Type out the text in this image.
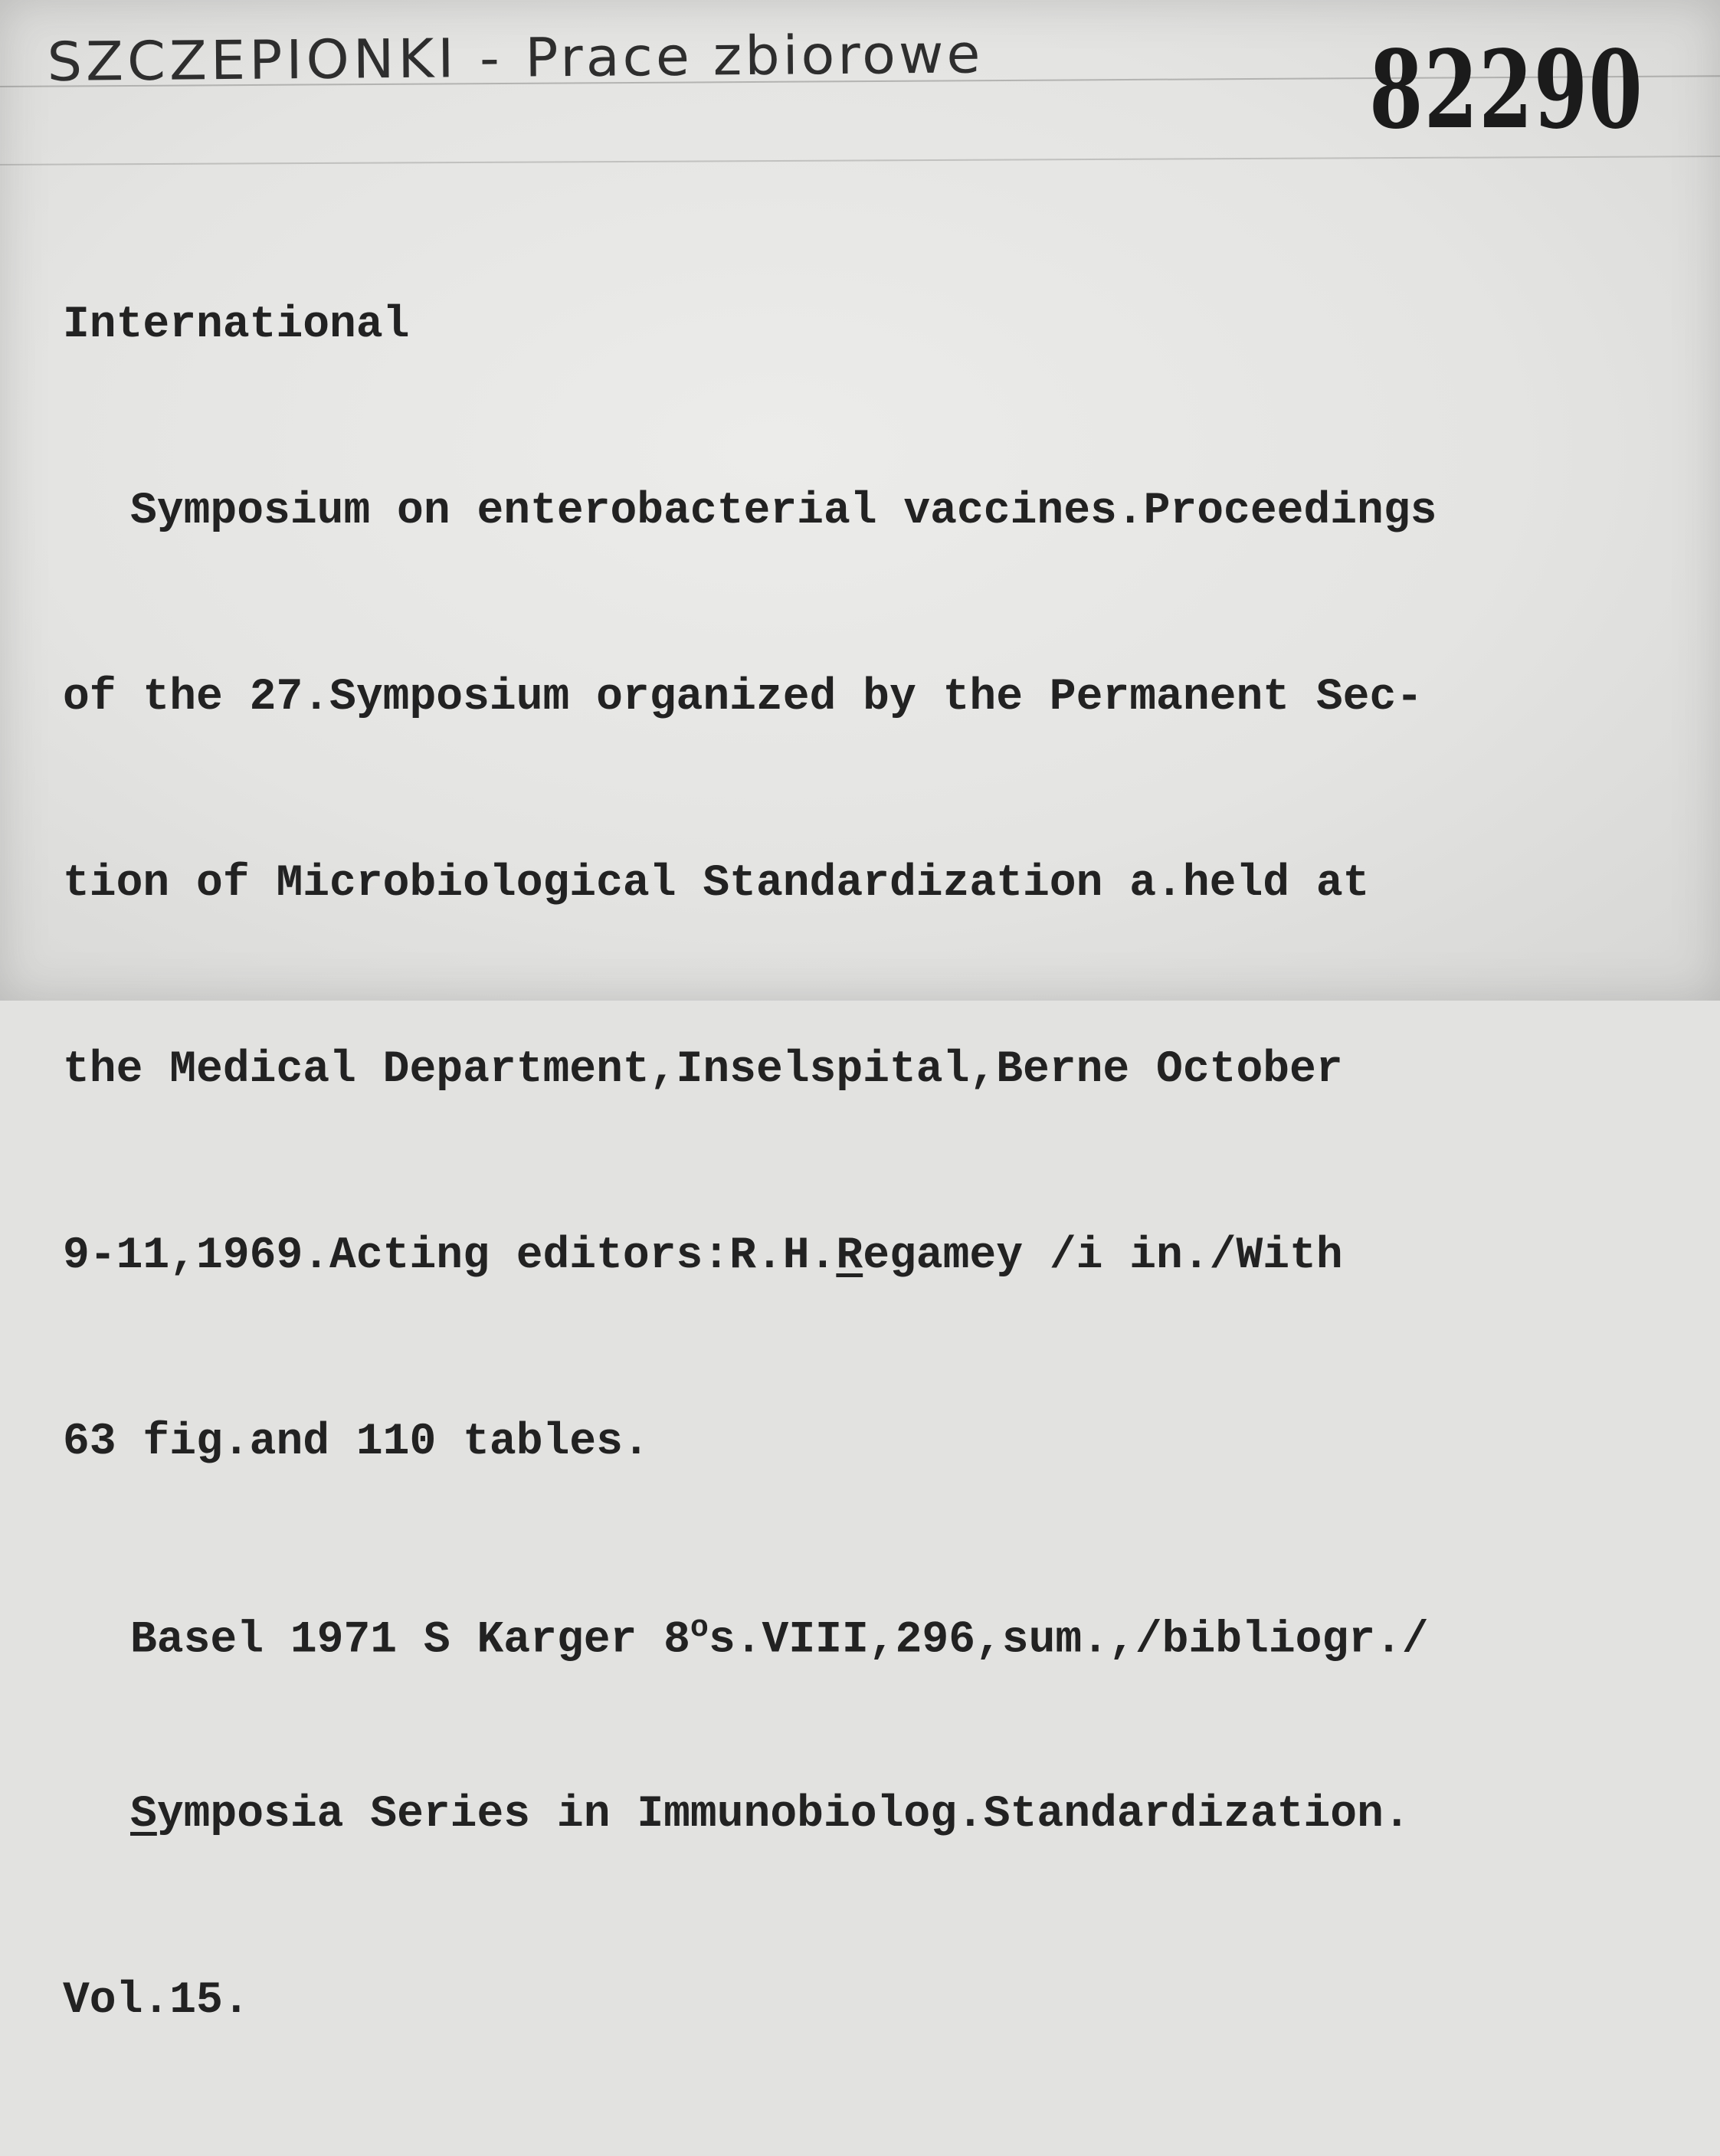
SZCZEPIONKI - Prace zbiorowe	82290

International

Symposium on enterobacterial vaccines.Proceedings

of the 27.Symposium organized by the Permanent Sec-

tion of Microbiological Standardization a.held at

the Medical Department,Inselspital,Berne October

9-11,1969.Acting editors:R.H.Regamey /i in./With

63 fig.and 110 tables.

Basel 1971 S Karger 8$^o$s.VIII,296,sum.,/bibliogr./

Symposia Series in Immunobiolog.Standardization.

Vol.15.
